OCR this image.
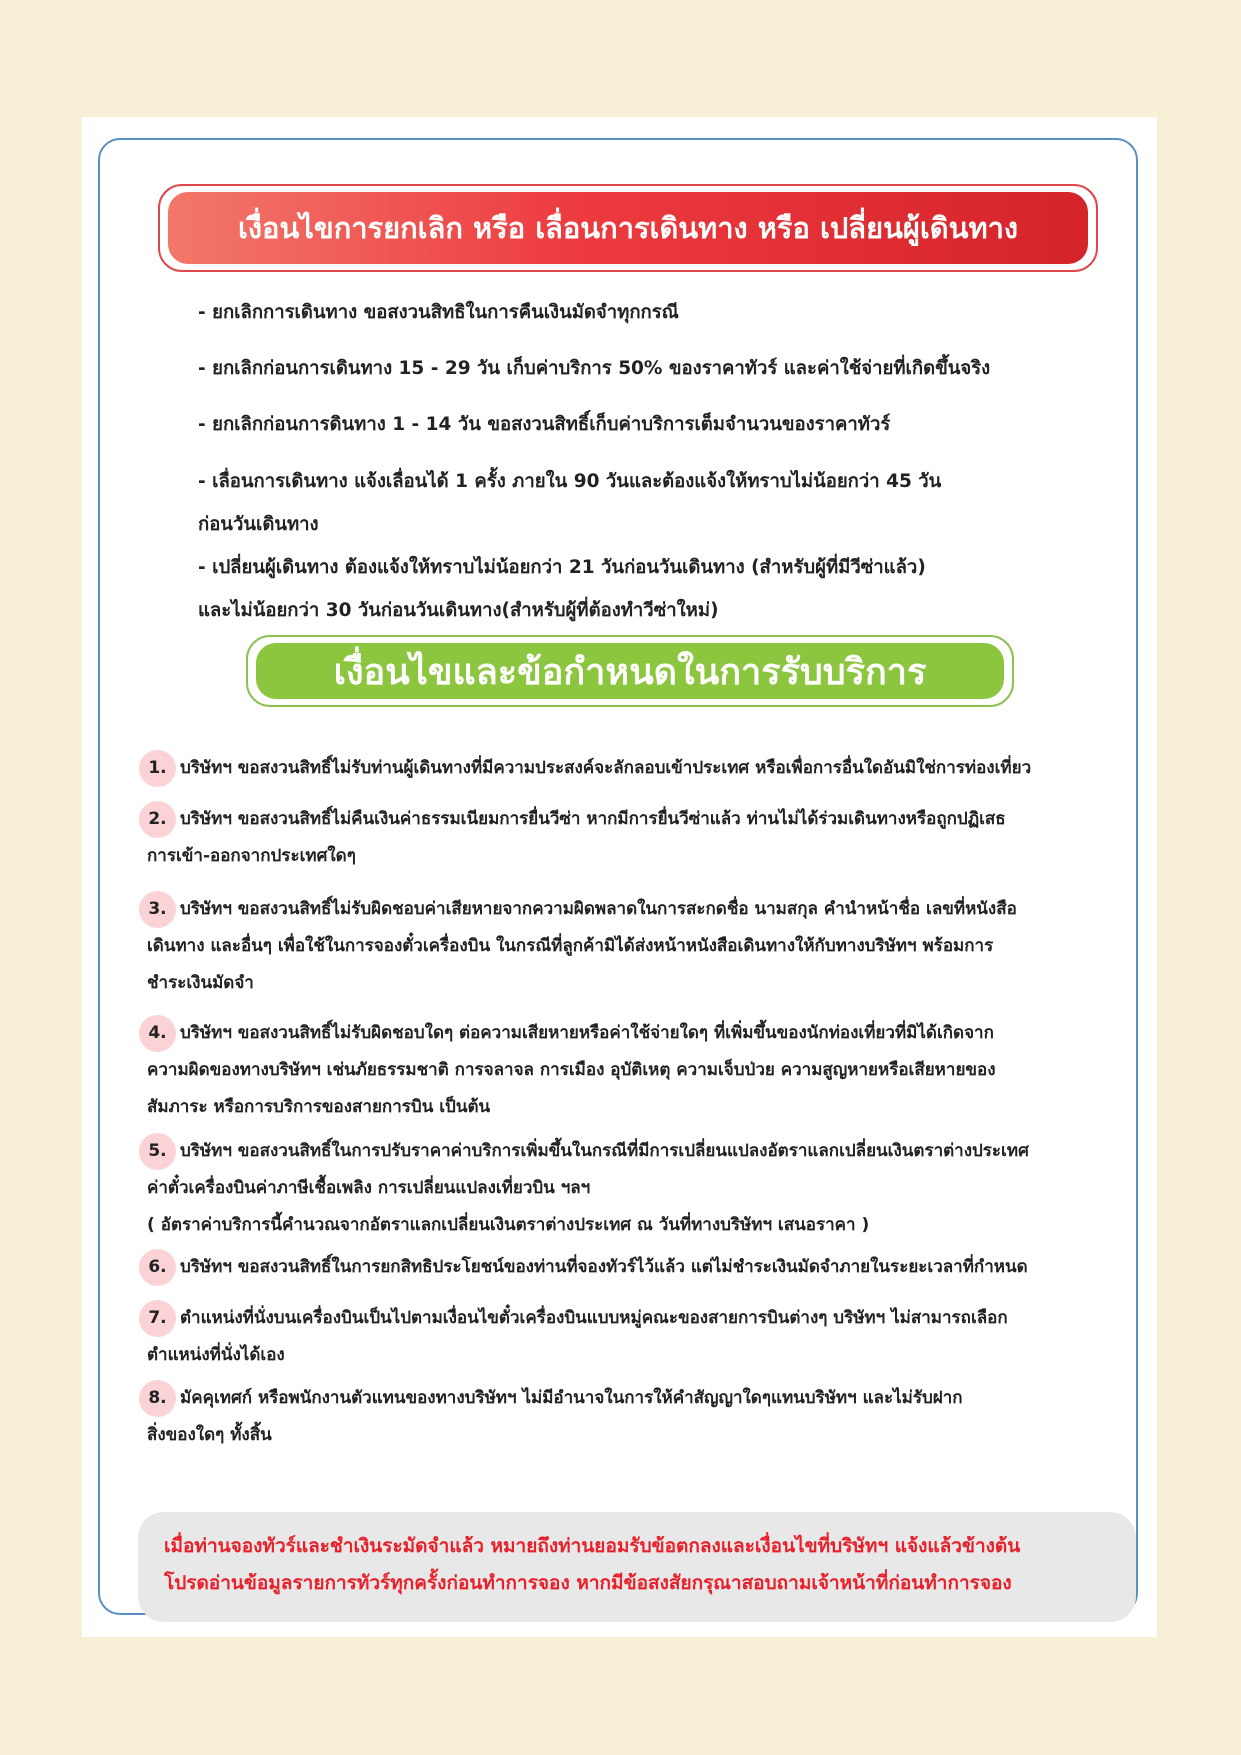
เงื่อนไขการยกเลิก หรือ เลื่อนการเดินทาง หรือ เปลี่ยนผู้เดินทาง
- ยกเลิกการเดินทาง ขอสงวนสิทธิในการคืนเงินมัดจำทุกกรณี
- ยกเลิกก่อนการเดินทาง 15 - 29 วัน เก็บค่าบริการ 50% ของราคาทัวร์ และค่าใช้จ่ายที่เกิดขึ้นจริง
- ยกเลิกก่อนการดินทาง 1 - 14 วัน ขอสงวนสิทธิ์เก็บค่าบริการเต็มจำนวนของราคาทัวร์
- เลื่อนการเดินทาง แจ้งเลื่อนได้ 1 ครั้ง ภายใน 90 วันและต้องแจ้งให้ทราบไม่น้อยกว่า 45 วัน
ก่อนวันเดินทาง
- เปลี่ยนผู้เดินทาง ต้องแจ้งให้ทราบไม่น้อยกว่า 21 วันก่อนวันเดินทาง (สำหรับผู้ที่มีวีซ่าแล้ว)
และไม่น้อยกว่า 30 วันก่อนวันเดินทาง(สำหรับผู้ที่ต้องทำวีซ่าใหม่)
เงื่อนไขและข้อกำหนดในการรับบริการ
1. บริษัทฯ ขอสงวนสิทธิ์ไม่รับท่านผู้เดินทางที่มีความประสงค์จะลักลอบเข้าประเทศ หรือเพื่อการอื่นใดอันมิใช่การท่องเที่ยว
2. บริษัทฯ ขอสงวนสิทธิ์ไม่คืนเงินค่าธรรมเนียมการยื่นวีซ่า หากมีการยื่นวีซ่าแล้ว ท่านไม่ได้ร่วมเดินทางหรือถูกปฏิเสธ
การเข้า-ออกจากประเทศใดๆ
3. บริษัทฯ ขอสงวนสิทธิ์ไม่รับผิดชอบค่าเสียหายจากความผิดพลาดในการสะกดชื่อ นามสกุล คำนำหน้าชื่อ เลขที่หนังสือ
เดินทาง และอื่นๆ เพื่อใช้ในการจองตั๋วเครื่องบิน ในกรณีที่ลูกค้ามิได้ส่งหน้าหนังสือเดินทางให้กับทางบริษัทฯ พร้อมการ
ชำระเงินมัดจำ
4. บริษัทฯ ขอสงวนสิทธิ์ไม่รับผิดชอบใดๆ ต่อความเสียหายหรือค่าใช้จ่ายใดๆ ที่เพิ่มขึ้นของนักท่องเที่ยวที่มิได้เกิดจาก
ความผิดของทางบริษัทฯ เช่นภัยธรรมชาติ การจลาจล การเมือง อุบัติเหตุ ความเจ็บป่วย ความสูญหายหรือเสียหายของ
สัมภาระ หรือการบริการของสายการบิน เป็นต้น
5. บริษัทฯ ขอสงวนสิทธิ์ในการปรับราคาค่าบริการเพิ่มขึ้นในกรณีที่มีการเปลี่ยนแปลงอัตราแลกเปลี่ยนเงินตราต่างประเทศ
ค่าตั๋วเครื่องบินค่าภาษีเชื้อเพลิง การเปลี่ยนแปลงเที่ยวบิน ฯลฯ
( อัตราค่าบริการนี้คำนวณจากอัตราแลกเปลี่ยนเงินตราต่างประเทศ ณ วันที่ทางบริษัทฯ เสนอราคา )
6. บริษัทฯ ขอสงวนสิทธิ์ในการยกสิทธิประโยชน์ของท่านที่จองทัวร์ไว้แล้ว แต่ไม่ชำระเงินมัดจำภายในระยะเวลาที่กำหนด
7. ตำแหน่งที่นั่งบนเครื่องบินเป็นไปตามเงื่อนไขตั๋วเครื่องบินแบบหมู่คณะของสายการบินต่างๆ บริษัทฯ ไม่สามารถเลือก
ตำแหน่งที่นั่งได้เอง
8. มัคคุเทศก์ หรือพนักงานตัวแทนของทางบริษัทฯ ไม่มีอำนาจในการให้คำสัญญาใดๆแทนบริษัทฯ และไม่รับฝาก
สิ่งของใดๆ ทั้งสิ้น
เมื่อท่านจองทัวร์และชำเงินระมัดจำแล้ว หมายถึงท่านยอมรับข้อตกลงและเงื่อนไขที่บริษัทฯ แจ้งแล้วข้างต้น
โปรดอ่านข้อมูลรายการทัวร์ทุกครั้งก่อนทำการจอง หากมีข้อสงสัยกรุณาสอบถามเจ้าหน้าที่ก่อนทำการจอง
